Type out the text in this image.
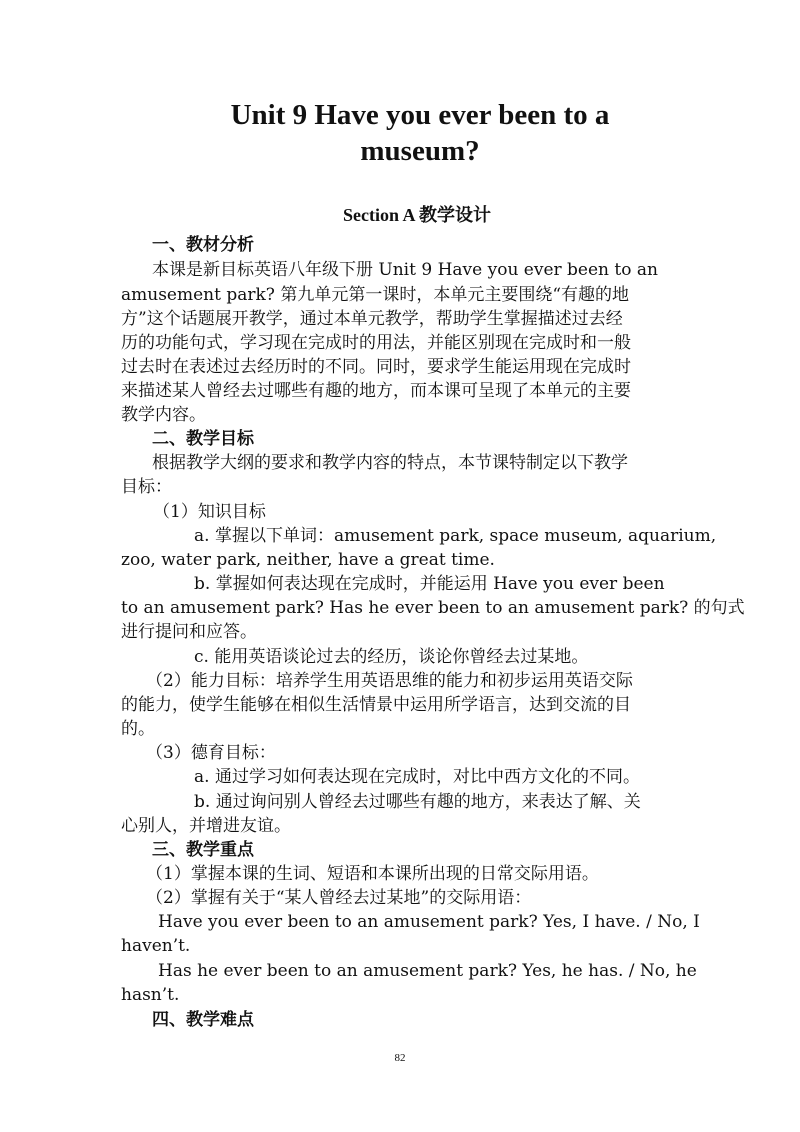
Unit 9 Have you ever been to a
museum?
Section A 教学设计
一、教材分析
本课是新目标英语八年级下册 Unit 9 Have you ever been to an
amusement park? 第九单元第一课时，本单元主要围绕“有趣的地
方”这个话题展开教学，通过本单元教学，帮助学生掌握描述过去经
历的功能句式，学习现在完成时的用法，并能区别现在完成时和一般
过去时在表述过去经历时的不同。同时，要求学生能运用现在完成时
来描述某人曾经去过哪些有趣的地方，而本课可呈现了本单元的主要
教学内容。
二、教学目标
根据教学大纲的要求和教学内容的特点，本节课特制定以下教学
目标：
（1）知识目标
a. 掌握以下单词：amusement park, space museum, aquarium,
zoo, water park, neither, have a great time.
b. 掌握如何表达现在完成时，并能运用 Have you ever been
to an amusement park? Has he ever been to an amusement park? 的句式
进行提问和应答。
c. 能用英语谈论过去的经历，谈论你曾经去过某地。
（2）能力目标：培养学生用英语思维的能力和初步运用英语交际
的能力，使学生能够在相似生活情景中运用所学语言，达到交流的目
的。
（3）德育目标：
a. 通过学习如何表达现在完成时，对比中西方文化的不同。
b. 通过询问别人曾经去过哪些有趣的地方，来表达了解、关
心别人，并增进友谊。
三、教学重点
（1）掌握本课的生词、短语和本课所出现的日常交际用语。
（2）掌握有关于“某人曾经去过某地”的交际用语：
Have you ever been to an amusement park? Yes, I have. / No, I
haven’t.
Has he ever been to an amusement park? Yes, he has. / No, he
hasn’t.
四、教学难点
82
